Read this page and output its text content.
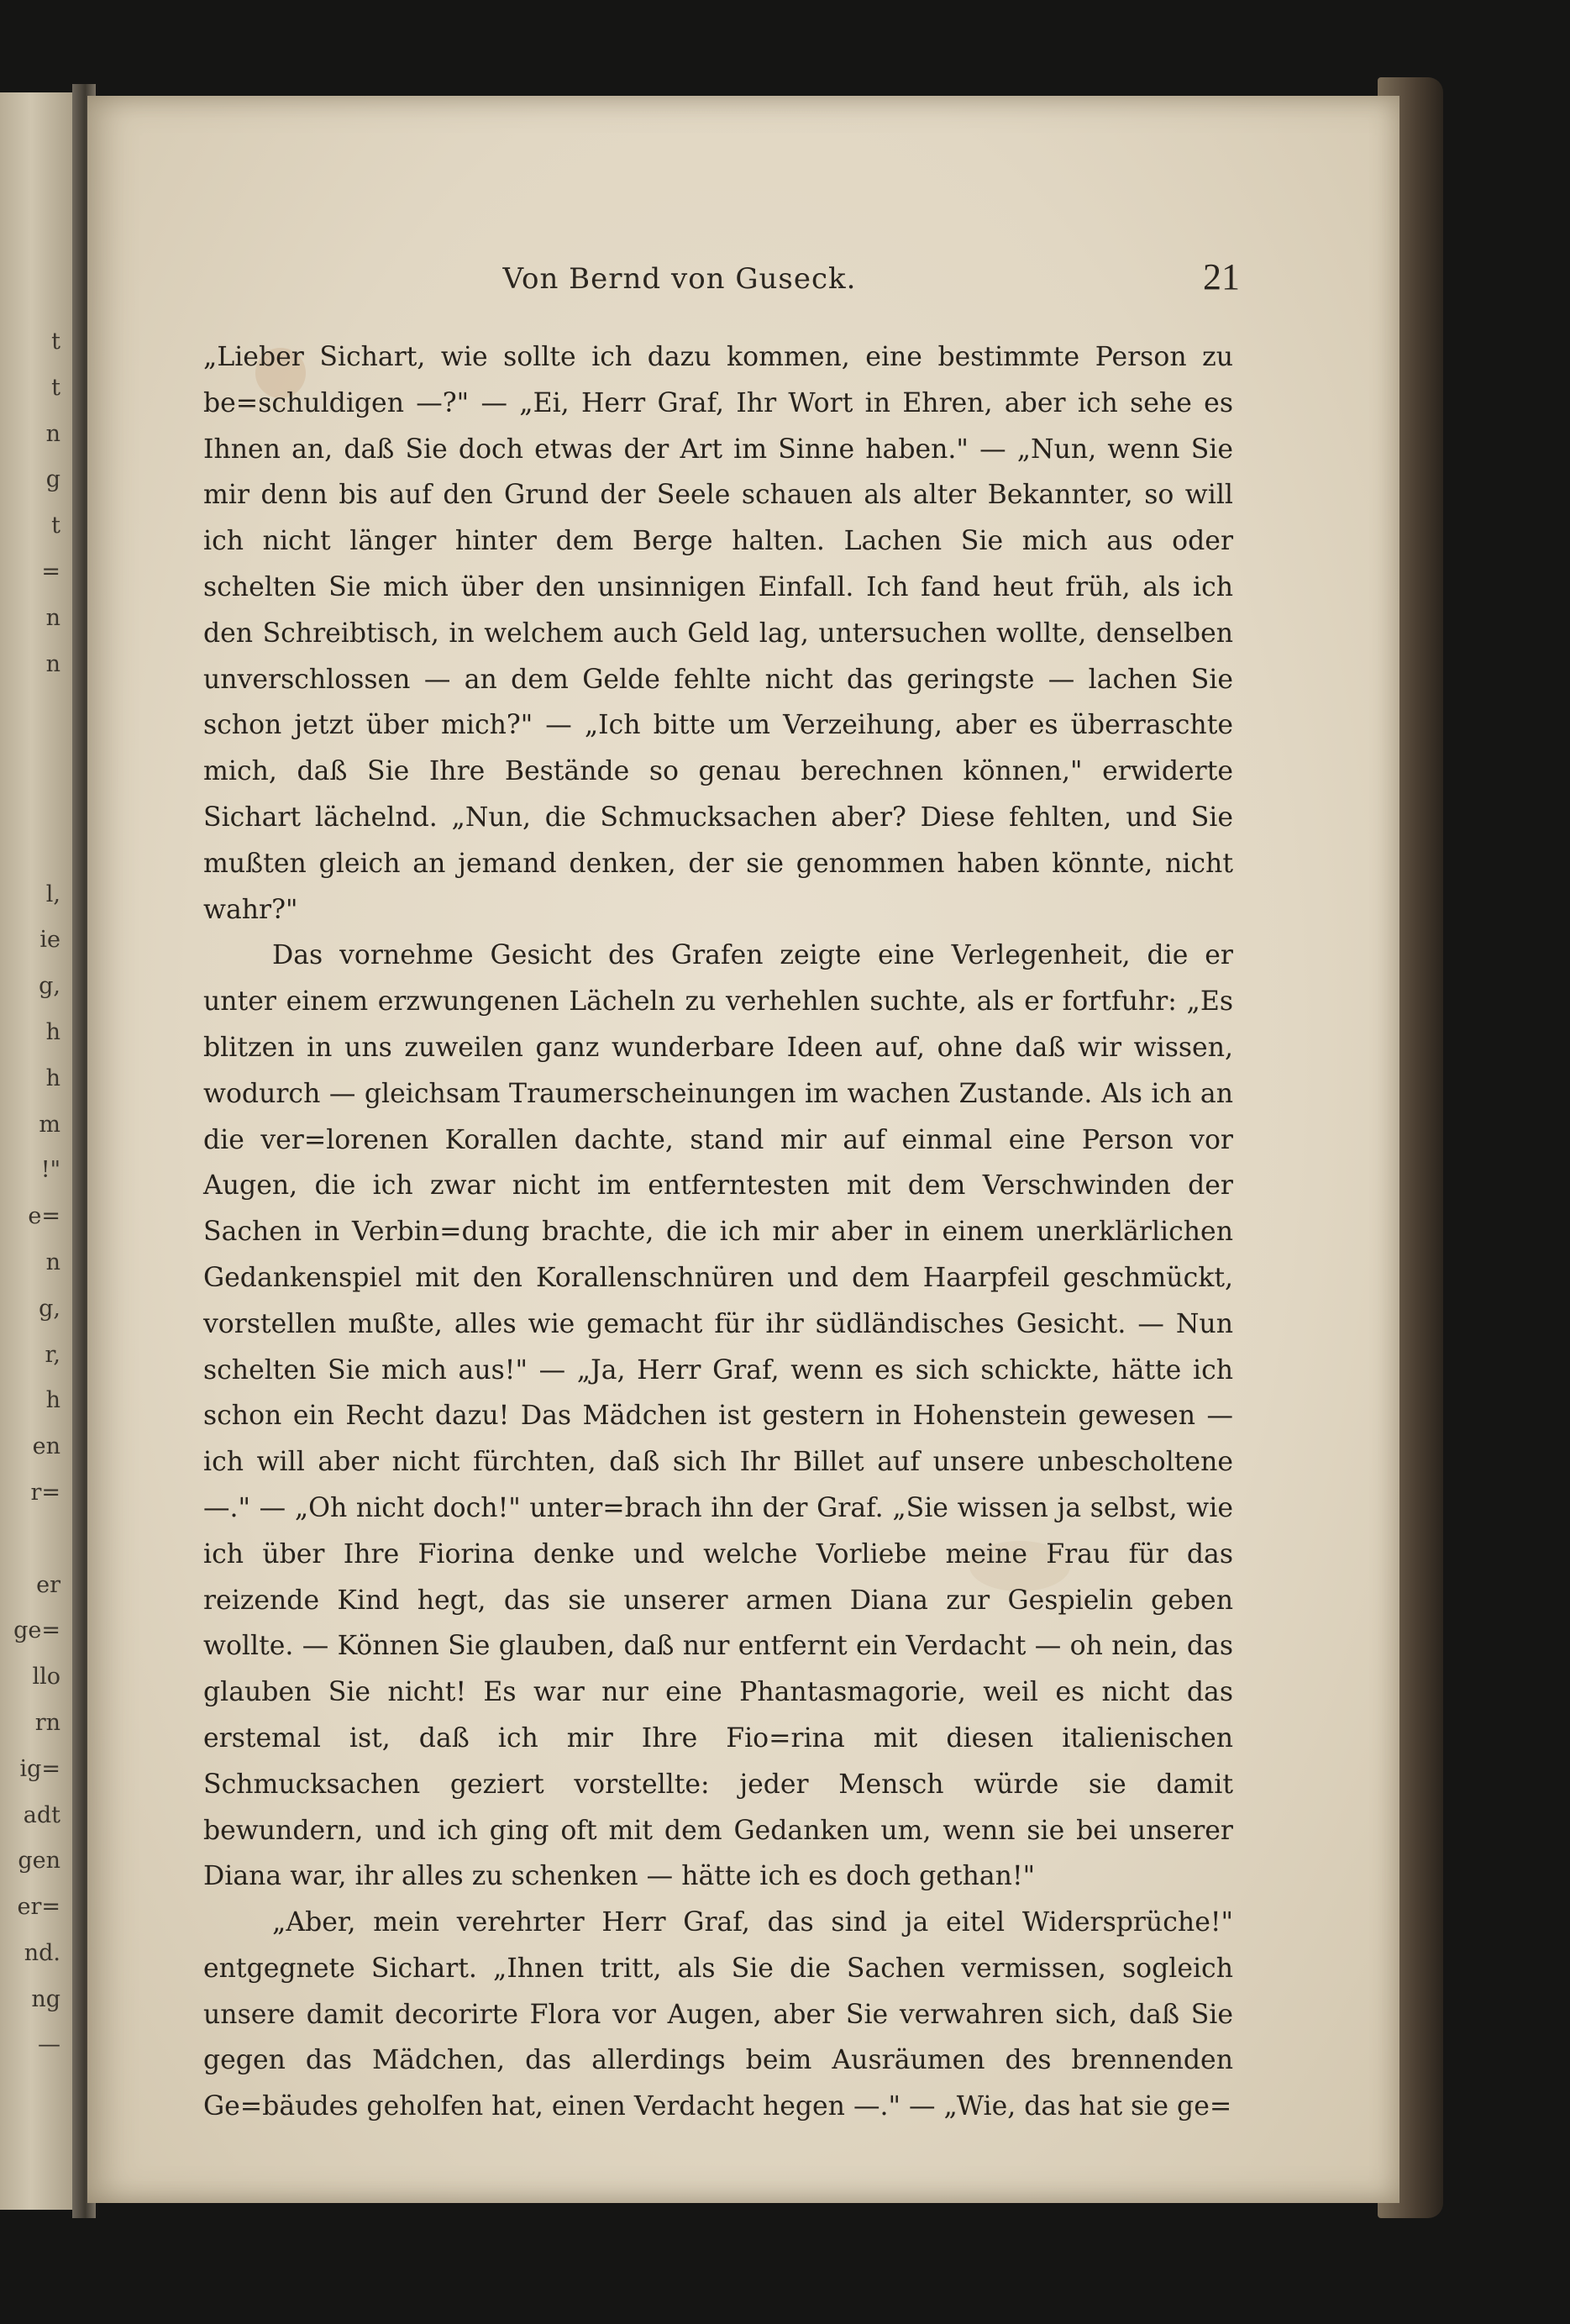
t
t
n
g
t
=
n
n
l,
ie
g,
h
h
m
!"
e=
n
g,
r,
h
en
r=
er
ge=
llo
rn
ig=
adt
gen
er=
nd.
ng
—
Von Bernd von Guseck.	21

„Lieber Sichart, wie sollte ich dazu kommen, eine bestimmte Person zu be=schuldigen —?" — „Ei, Herr Graf, Ihr Wort in Ehren, aber ich sehe es Ihnen an, daß Sie doch etwas der Art im Sinne haben." — „Nun, wenn Sie mir denn bis auf den Grund der Seele schauen als alter Bekannter, so will ich nicht länger hinter dem Berge halten. Lachen Sie mich aus oder schelten Sie mich über den unsinnigen Einfall. Ich fand heut früh, als ich den Schreibtisch, in welchem auch Geld lag, untersuchen wollte, denselben unverschlossen — an dem Gelde fehlte nicht das geringste — lachen Sie schon jetzt über mich?" — „Ich bitte um Verzeihung, aber es überraschte mich, daß Sie Ihre Bestände so genau berechnen können," erwiderte Sichart lächelnd. „Nun, die Schmucksachen aber? Diese fehlten, und Sie mußten gleich an jemand denken, der sie genommen haben könnte, nicht wahr?"

Das vornehme Gesicht des Grafen zeigte eine Verlegenheit, die er unter einem erzwungenen Lächeln zu verhehlen suchte, als er fortfuhr: „Es blitzen in uns zuweilen ganz wunderbare Ideen auf, ohne daß wir wissen, wodurch — gleichsam Traumerscheinungen im wachen Zustande. Als ich an die ver=lorenen Korallen dachte, stand mir auf einmal eine Person vor Augen, die ich zwar nicht im entferntesten mit dem Verschwinden der Sachen in Verbin=dung brachte, die ich mir aber in einem unerklärlichen Gedankenspiel mit den Korallenschnüren und dem Haarpfeil geschmückt, vorstellen mußte, alles wie gemacht für ihr südländisches Gesicht. — Nun schelten Sie mich aus!" — „Ja, Herr Graf, wenn es sich schickte, hätte ich schon ein Recht dazu! Das Mädchen ist gestern in Hohenstein gewesen — ich will aber nicht fürchten, daß sich Ihr Billet auf unsere unbescholtene —." — „Oh nicht doch!" unter=brach ihn der Graf. „Sie wissen ja selbst, wie ich über Ihre Fiorina denke und welche Vorliebe meine Frau für das reizende Kind hegt, das sie unserer armen Diana zur Gespielin geben wollte. — Können Sie glauben, daß nur entfernt ein Verdacht — oh nein, das glauben Sie nicht! Es war nur eine Phantasmagorie, weil es nicht das erstemal ist, daß ich mir Ihre Fio=rina mit diesen italienischen Schmucksachen geziert vorstellte: jeder Mensch würde sie damit bewundern, und ich ging oft mit dem Gedanken um, wenn sie bei unserer Diana war, ihr alles zu schenken — hätte ich es doch gethan!"

„Aber, mein verehrter Herr Graf, das sind ja eitel Widersprüche!" entgegnete Sichart. „Ihnen tritt, als Sie die Sachen vermissen, sogleich unsere damit decorirte Flora vor Augen, aber Sie verwahren sich, daß Sie gegen das Mädchen, das allerdings beim Ausräumen des brennenden Ge=bäudes geholfen hat, einen Verdacht hegen —." — „Wie, das hat sie ge=
